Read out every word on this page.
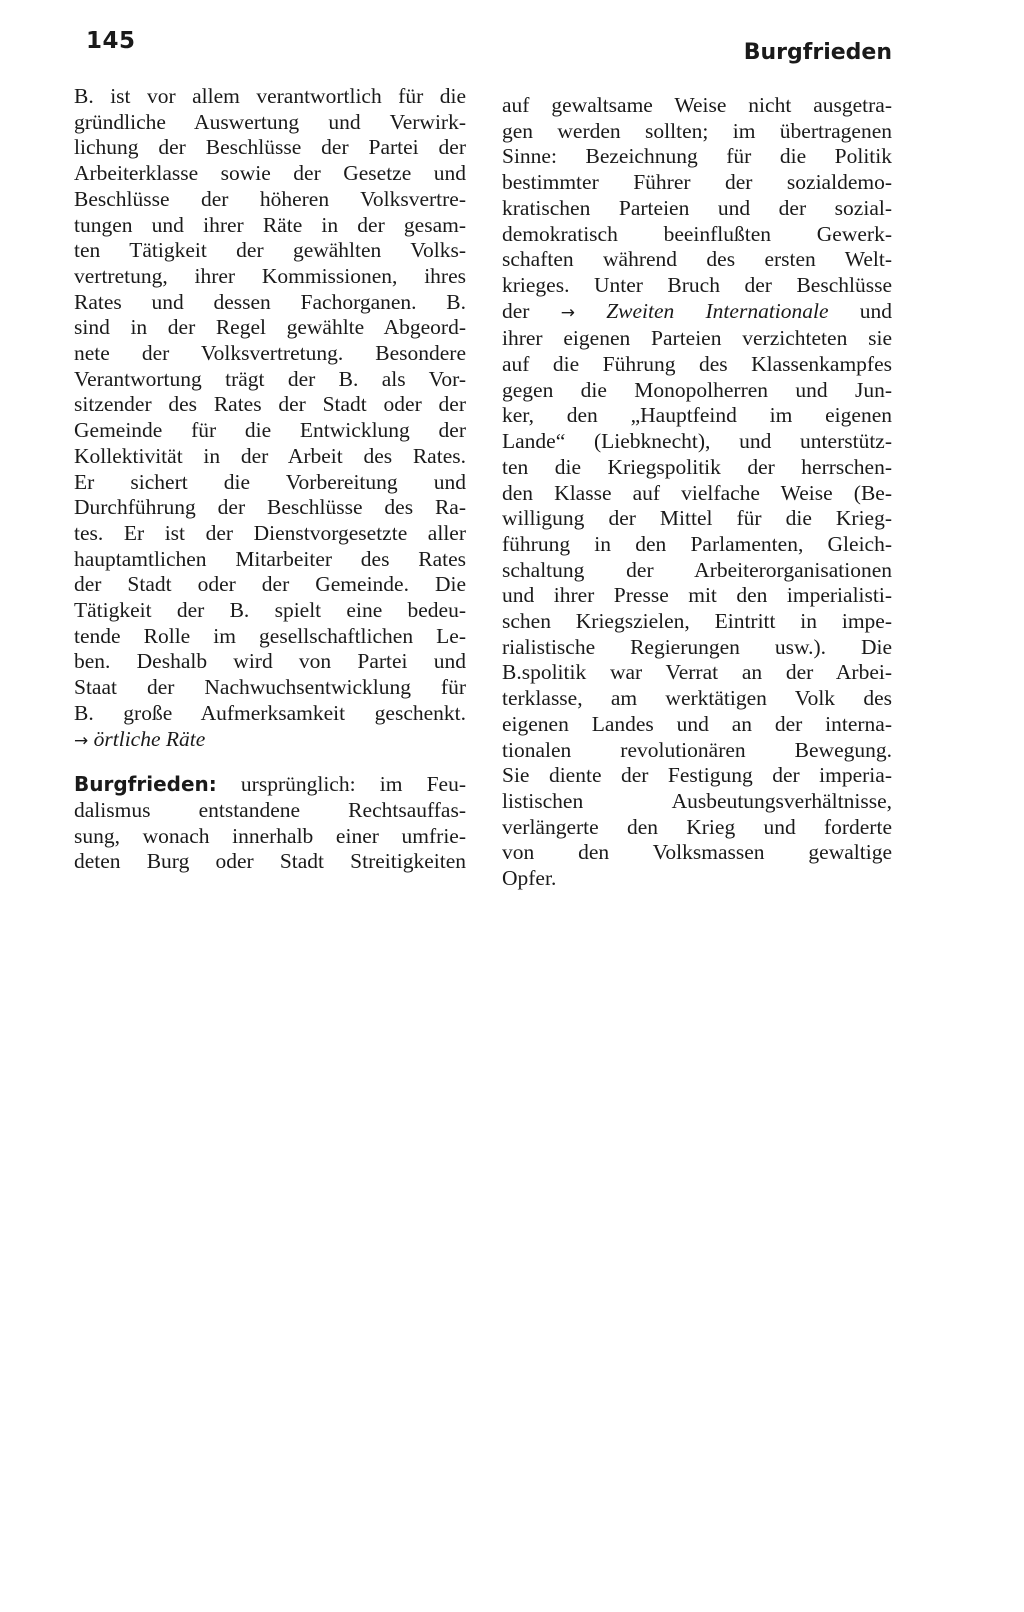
145	Burgfrieden
B. ist vor allem verantwortlich für die
gründliche Auswertung und Verwirk-
lichung der Beschlüsse der Partei der
Arbeiterklasse sowie der Gesetze und
Beschlüsse der höheren Volksvertre-
tungen und ihrer Räte in der gesam-
ten Tätigkeit der gewählten Volks-
vertretung, ihrer Kommissionen, ihres
Rates und dessen Fachorganen. B.
sind in der Regel gewählte Abgeord-
nete der Volksvertretung. Besondere
Verantwortung trägt der B. als Vor-
sitzender des Rates der Stadt oder der
Gemeinde für die Entwicklung der
Kollektivität in der Arbeit des Rates.
Er sichert die Vorbereitung und
Durchführung der Beschlüsse des Ra-
tes. Er ist der Dienstvorgesetzte aller
hauptamtlichen Mitarbeiter des Rates
der Stadt oder der Gemeinde. Die
Tätigkeit der B. spielt eine bedeu-
tende Rolle im gesellschaftlichen Le-
ben. Deshalb wird von Partei und
Staat der Nachwuchsentwicklung für
B. große Aufmerksamkeit geschenkt.
→ örtliche Räte
Burgfrieden: ursprünglich: im Feu-
dalismus entstandene Rechtsauffas-
sung, wonach innerhalb einer umfrie-
deten Burg oder Stadt Streitigkeiten
auf gewaltsame Weise nicht ausgetra-
gen werden sollten; im übertragenen
Sinne: Bezeichnung für die Politik
bestimmter Führer der sozialdemo-
kratischen Parteien und der sozial-
demokratisch beeinflußten Gewerk-
schaften während des ersten Welt-
krieges. Unter Bruch der Beschlüsse
der → Zweiten Internationale und
ihrer eigenen Parteien verzichteten sie
auf die Führung des Klassenkampfes
gegen die Monopolherren und Jun-
ker, den „Hauptfeind im eigenen
Lande“ (Liebknecht), und unterstütz-
ten die Kriegspolitik der herrschen-
den Klasse auf vielfache Weise (Be-
willigung der Mittel für die Krieg-
führung in den Parlamenten, Gleich-
schaltung der Arbeiterorganisationen
und ihrer Presse mit den imperialisti-
schen Kriegszielen, Eintritt in impe-
rialistische Regierungen usw.). Die
B.spolitik war Verrat an der Arbei-
terklasse, am werktätigen Volk des
eigenen Landes und an der interna-
tionalen revolutionären Bewegung.
Sie diente der Festigung der imperia-
listischen Ausbeutungsverhältnisse,
verlängerte den Krieg und forderte
von den Volksmassen gewaltige
Opfer.
